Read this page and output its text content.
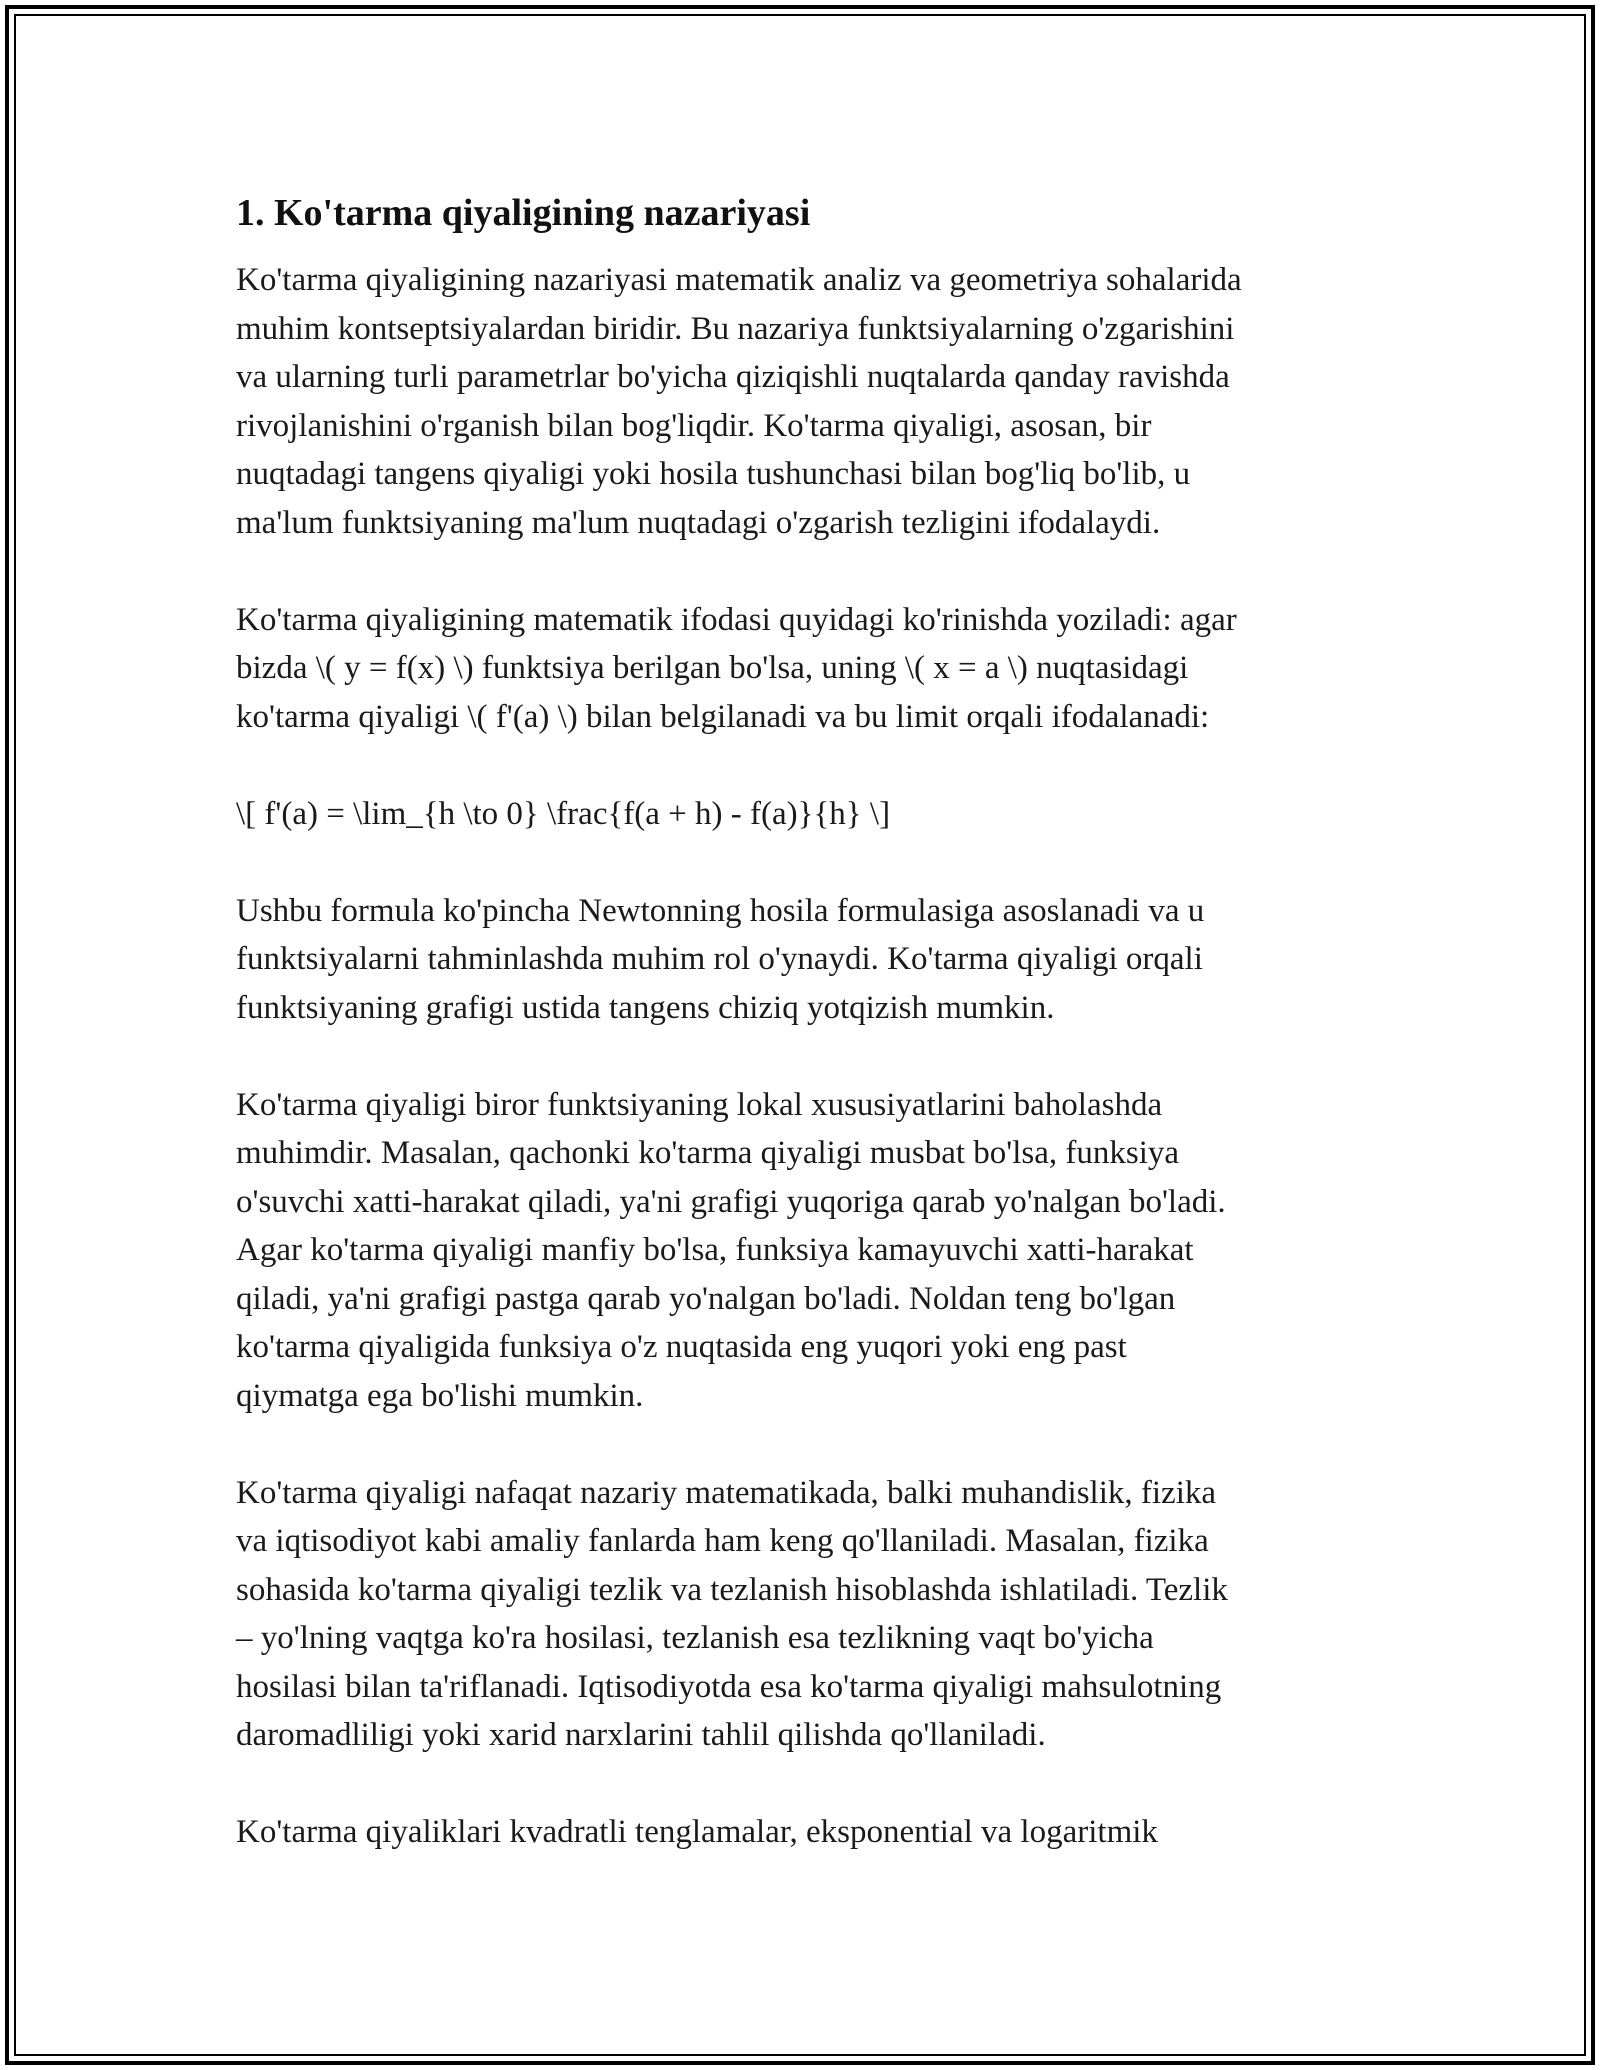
1. Ko'tarma qiyaligining nazariyasi
Ko'tarma qiyaligining nazariyasi matematik analiz va geometriya sohalarida
muhim kontseptsiyalardan biridir. Bu nazariya funktsiyalarning o'zgarishini
va ularning turli parametrlar bo'yicha qiziqishli nuqtalarda qanday ravishda
rivojlanishini o'rganish bilan bog'liqdir. Ko'tarma qiyaligi, asosan, bir
nuqtadagi tangens qiyaligi yoki hosila tushunchasi bilan bog'liq bo'lib, u
ma'lum funktsiyaning ma'lum nuqtadagi o'zgarish tezligini ifodalaydi.
Ko'tarma qiyaligining matematik ifodasi quyidagi ko'rinishda yoziladi: agar
bizda \( y = f(x) \) funktsiya berilgan bo'lsa, uning \( x = a \) nuqtasidagi
ko'tarma qiyaligi \( f'(a) \) bilan belgilanadi va bu limit orqali ifodalanadi:
\[ f'(a) = \lim_{h \to 0} \frac{f(a + h) - f(a)}{h} \]
Ushbu formula ko'pincha Newtonning hosila formulasiga asoslanadi va u
funktsiyalarni tahminlashda muhim rol o'ynaydi. Ko'tarma qiyaligi orqali
funktsiyaning grafigi ustida tangens chiziq yotqizish mumkin.
Ko'tarma qiyaligi biror funktsiyaning lokal xususiyatlarini baholashda
muhimdir. Masalan, qachonki ko'tarma qiyaligi musbat bo'lsa, funksiya
o'suvchi xatti-harakat qiladi, ya'ni grafigi yuqoriga qarab yo'nalgan bo'ladi.
Agar ko'tarma qiyaligi manfiy bo'lsa, funksiya kamayuvchi xatti-harakat
qiladi, ya'ni grafigi pastga qarab yo'nalgan bo'ladi. Noldan teng bo'lgan
ko'tarma qiyaligida funksiya o'z nuqtasida eng yuqori yoki eng past
qiymatga ega bo'lishi mumkin.
Ko'tarma qiyaligi nafaqat nazariy matematikada, balki muhandislik, fizika
va iqtisodiyot kabi amaliy fanlarda ham keng qo'llaniladi. Masalan, fizika
sohasida ko'tarma qiyaligi tezlik va tezlanish hisoblashda ishlatiladi. Tezlik
– yo'lning vaqtga ko'ra hosilasi, tezlanish esa tezlikning vaqt bo'yicha
hosilasi bilan ta'riflanadi. Iqtisodiyotda esa ko'tarma qiyaligi mahsulotning
daromadliligi yoki xarid narxlarini tahlil qilishda qo'llaniladi.
Ko'tarma qiyaliklari kvadratli tenglamalar, eksponential va logaritmik
